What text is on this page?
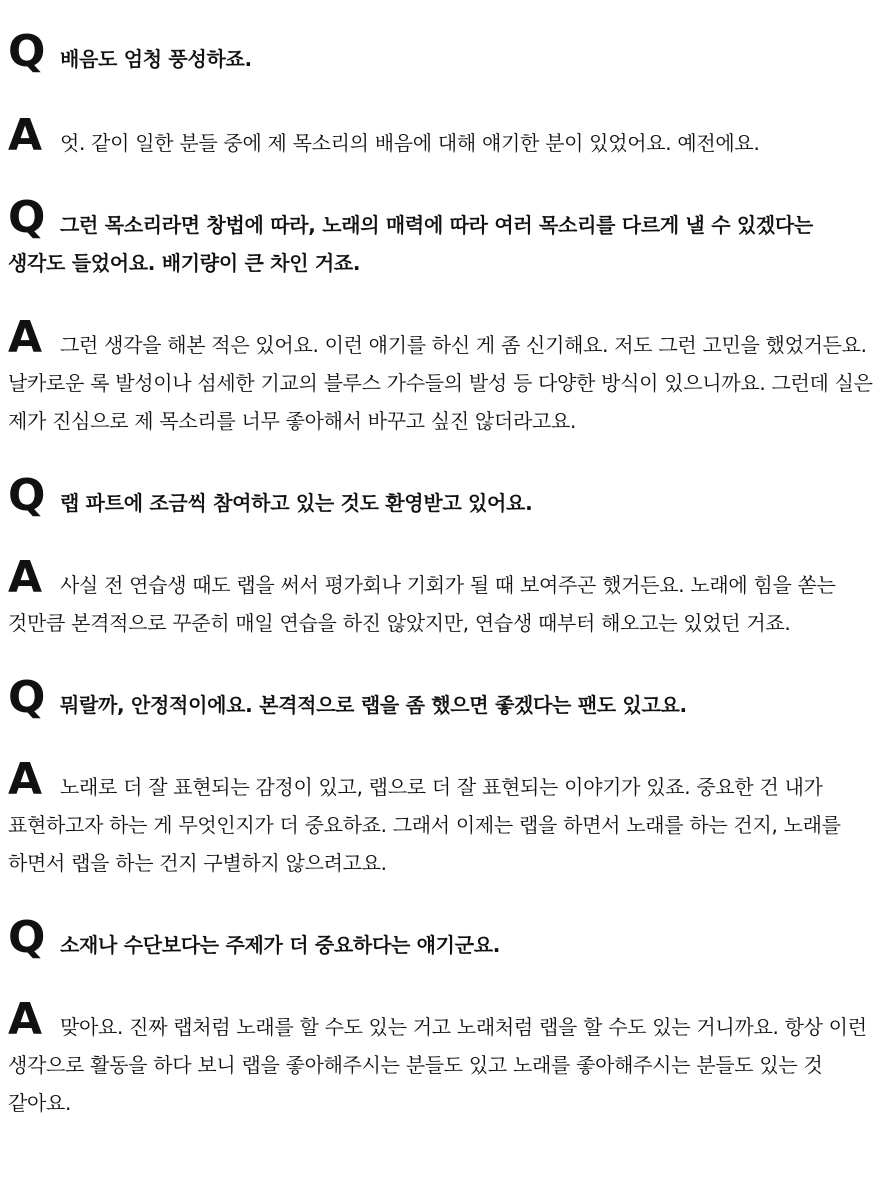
Q 배음도 엄청 풍성하죠.
A 엇. 같이 일한 분들 중에 제 목소리의 배음에 대해 얘기한 분이 있었어요. 예전에요.
Q 그런 목소리라면 창법에 따라, 노래의 매력에 따라 여러 목소리를 다르게 낼 수 있겠다는 생각도 들었어요. 배기량이 큰 차인 거죠.
A 그런 생각을 해본 적은 있어요. 이런 얘기를 하신 게 좀 신기해요. 저도 그런 고민을 했었거든요. 날카로운 록 발성이나 섬세한 기교의 블루스 가수들의 발성 등 다양한 방식이 있으니까요. 그런데 실은 제가 진심으로 제 목소리를 너무 좋아해서 바꾸고 싶진 않더라고요.
Q 랩 파트에 조금씩 참여하고 있는 것도 환영받고 있어요.
A 사실 전 연습생 때도 랩을 써서 평가회나 기회가 될 때 보여주곤 했거든요. 노래에 힘을 쏟는 것만큼 본격적으로 꾸준히 매일 연습을 하진 않았지만, 연습생 때부터 해오고는 있었던 거죠.
Q 뭐랄까, 안정적이에요. 본격적으로 랩을 좀 했으면 좋겠다는 팬도 있고요.
A 노래로 더 잘 표현되는 감정이 있고, 랩으로 더 잘 표현되는 이야기가 있죠. 중요한 건 내가 표현하고자 하는 게 무엇인지가 더 중요하죠. 그래서 이제는 랩을 하면서 노래를 하는 건지, 노래를 하면서 랩을 하는 건지 구별하지 않으려고요.
Q 소재나 수단보다는 주제가 더 중요하다는 얘기군요.
A 맞아요. 진짜 랩처럼 노래를 할 수도 있는 거고 노래처럼 랩을 할 수도 있는 거니까요. 항상 이런 생각으로 활동을 하다 보니 랩을 좋아해주시는 분들도 있고 노래를 좋아해주시는 분들도 있는 것 같아요.
